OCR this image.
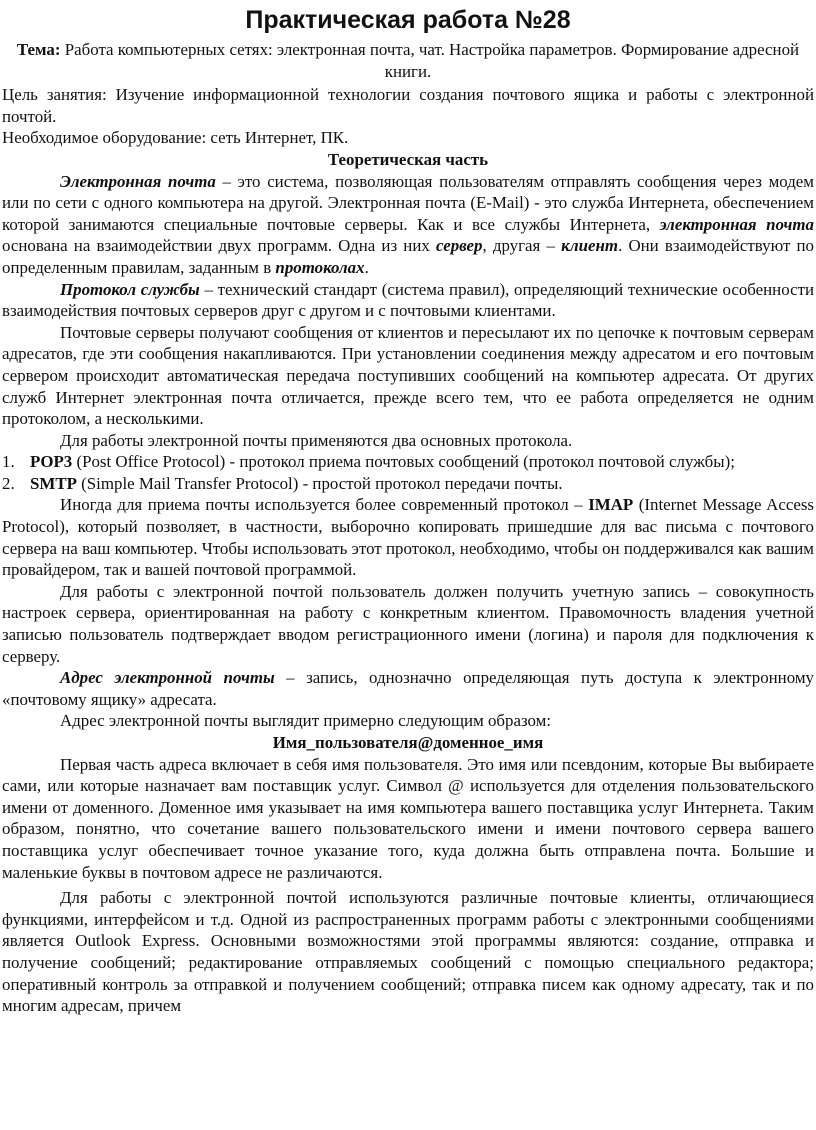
Практическая работа №28

Тема: Работа компьютерных сетях: электронная почта, чат. Настройка параметров. Формирование адресной книги.

Цель занятия: Изучение информационной технологии создания почтового ящика и работы с электронной почтой.

Необходимое оборудование: сеть Интернет, ПК.

Теоретическая часть

Электронная почта – это система, позволяющая пользователям отправлять сообщения через модем или по сети с одного компьютера на другой. Электронная почта (E-Mail) - это служба Интернета, обеспечением которой занимаются специальные почтовые серверы. Как и все службы Интернета, электронная почта основана на взаимодействии двух программ. Одна из них сервер, другая – клиент. Они взаимодействуют по определенным правилам, заданным в протоколах.

Протокол службы – технический стандарт (система правил), определяющий технические особенности взаимодействия почтовых серверов друг с другом и с почтовыми клиентами.

Почтовые серверы получают сообщения от клиентов и пересылают их по цепочке к почтовым серверам адресатов, где эти сообщения накапливаются. При установлении соединения между адресатом и его почтовым сервером происходит автоматическая передача поступивших сообщений на компьютер адресата. От других служб Интернет электронная почта отличается, прежде всего тем, что ее работа определяется не одним протоколом, а несколькими.

Для работы электронной почты применяются два основных протокола.

1. POP3 (Post Office Protocol) - протокол приема почтовых сообщений (протокол почтовой службы);

2. SMTP (Simple Mail Transfer Protocol) - простой протокол передачи почты.

Иногда для приема почты используется более современный протокол – IMAP (Internet Message Access Protocol), который позволяет, в частности, выборочно копировать пришедшие для вас письма с почтового сервера на ваш компьютер. Чтобы использовать этот протокол, необходимо, чтобы он поддерживался как вашим провайдером, так и вашей почтовой программой.

Для работы с электронной почтой пользователь должен получить учетную запись – совокупность настроек сервера, ориентированная на работу с конкретным клиентом. Правомочность владения учетной записью пользователь подтверждает вводом регистрационного имени (логина) и пароля для подключения к серверу.

Адрес электронной почты – запись, однозначно определяющая путь доступа к электронному «почтовому ящику» адресата.

Адрес электронной почты выглядит примерно следующим образом:

Имя_пользователя@доменное_имя

Первая часть адреса включает в себя имя пользователя. Это имя или псевдоним, которые Вы выбираете сами, или которые назначает вам поставщик услуг. Символ @ используется для отделения пользовательского имени от доменного. Доменное имя указывает на имя компьютера вашего поставщика услуг Интернета. Таким образом, понятно, что сочетание вашего пользовательского имени и имени почтового сервера вашего поставщика услуг обеспечивает точное указание того, куда должна быть отправлена почта. Большие и маленькие буквы в почтовом адресе не различаются.

Для работы с электронной почтой используются различные почтовые клиенты, отличающиеся функциями, интерфейсом и т.д. Одной из распространенных программ работы с электронными сообщениями является Outlook Express. Основными возможностями этой программы являются: создание, отправка и получение сообщений; редактирование отправляемых сообщений с помощью специального редактора; оперативный контроль за отправкой и получением сообщений; отправка писем как одному адресату, так и по многим адресам, причем
